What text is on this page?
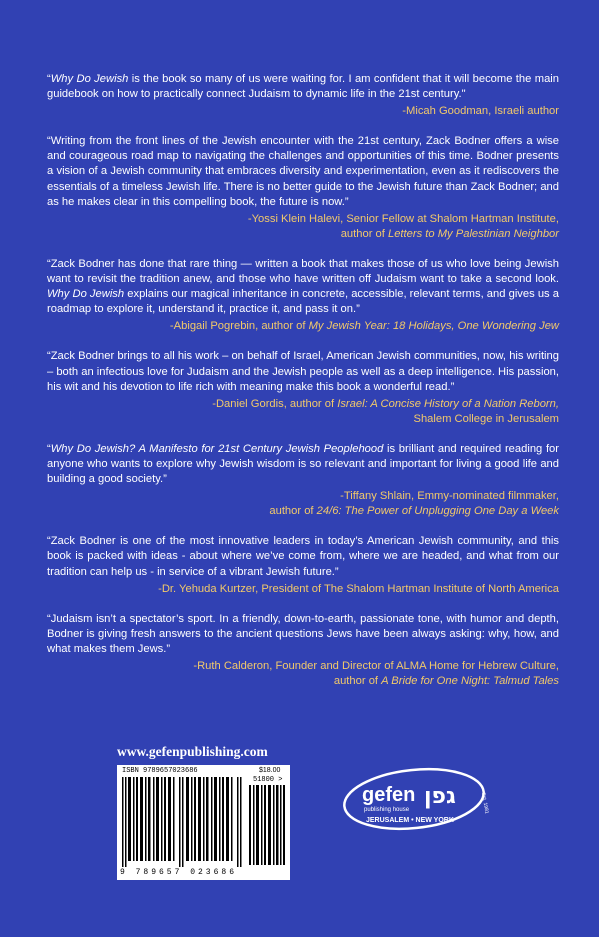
“Why Do Jewish is the book so many of us were waiting for. I am confident that it will become the main guidebook on how to practically connect Judaism to dynamic life in the 21st century."

-Micah Goodman, Israeli author

“Writing from the front lines of the Jewish encounter with the 21st century, Zack Bodner offers a wise and courageous road map to navigating the challenges and opportunities of this time. Bodner presents a vision of a Jewish community that embraces diversity and experimentation, even as it rediscovers the essentials of a timeless Jewish life. There is no better guide to the Jewish future than Zack Bodner; and as he makes clear in this compelling book, the future is now.”

-Yossi Klein Halevi, Senior Fellow at Shalom Hartman Institute,
author of Letters to My Palestinian Neighbor

“Zack Bodner has done that rare thing — written a book that makes those of us who love being Jewish want to revisit the tradition anew, and those who have written off Judaism want to take a second look. Why Do Jewish explains our magical inheritance in concrete, accessible, relevant terms, and gives us a roadmap to explore it, understand it, practice it, and pass it on.”

-Abigail Pogrebin, author of My Jewish Year: 18 Holidays, One Wondering Jew

“Zack Bodner brings to all his work – on behalf of Israel, American Jewish communities, now, his writing – both an infectious love for Judaism and the Jewish people as well as a deep intelligence. His passion, his wit and his devotion to life rich with meaning make this book a wonderful read.”

-Daniel Gordis, author of Israel: A Concise History of a Nation Reborn,
Shalem College in Jerusalem

“Why Do Jewish? A Manifesto for 21st Century Jewish Peoplehood is brilliant and required reading for anyone who wants to explore why Jewish wisdom is so relevant and important for living a good life and building a good society.”

-Tiffany Shlain, Emmy-nominated filmmaker,
author of 24/6: The Power of Unplugging One Day a Week

“Zack Bodner is one of the most innovative leaders in today’s American Jewish community, and this book is packed with ideas - about where we’ve come from, where we are headed, and what from our tradition can help us - in service of a vibrant Jewish future.”

-Dr. Yehuda Kurtzer, President of The Shalom Hartman Institute of North America

“Judaism isn’t a spectator’s sport. In a friendly, down-to-earth, passionate tone, with humor and depth, Bodner is giving fresh answers to the ancient questions Jews have been always asking: why, how, and what makes them Jews.”

-Ruth Calderon, Founder and Director of ALMA Home for Hebrew Culture,
author of A Bride for One Night: Talmud Tales

www.gefenpublishing.com
ISBN 9789657023686	$18.00
51800 >
9 789657 023686
gefen
publishing house
גפן
JERUSALEM • NEW YORK
Est. 1981
